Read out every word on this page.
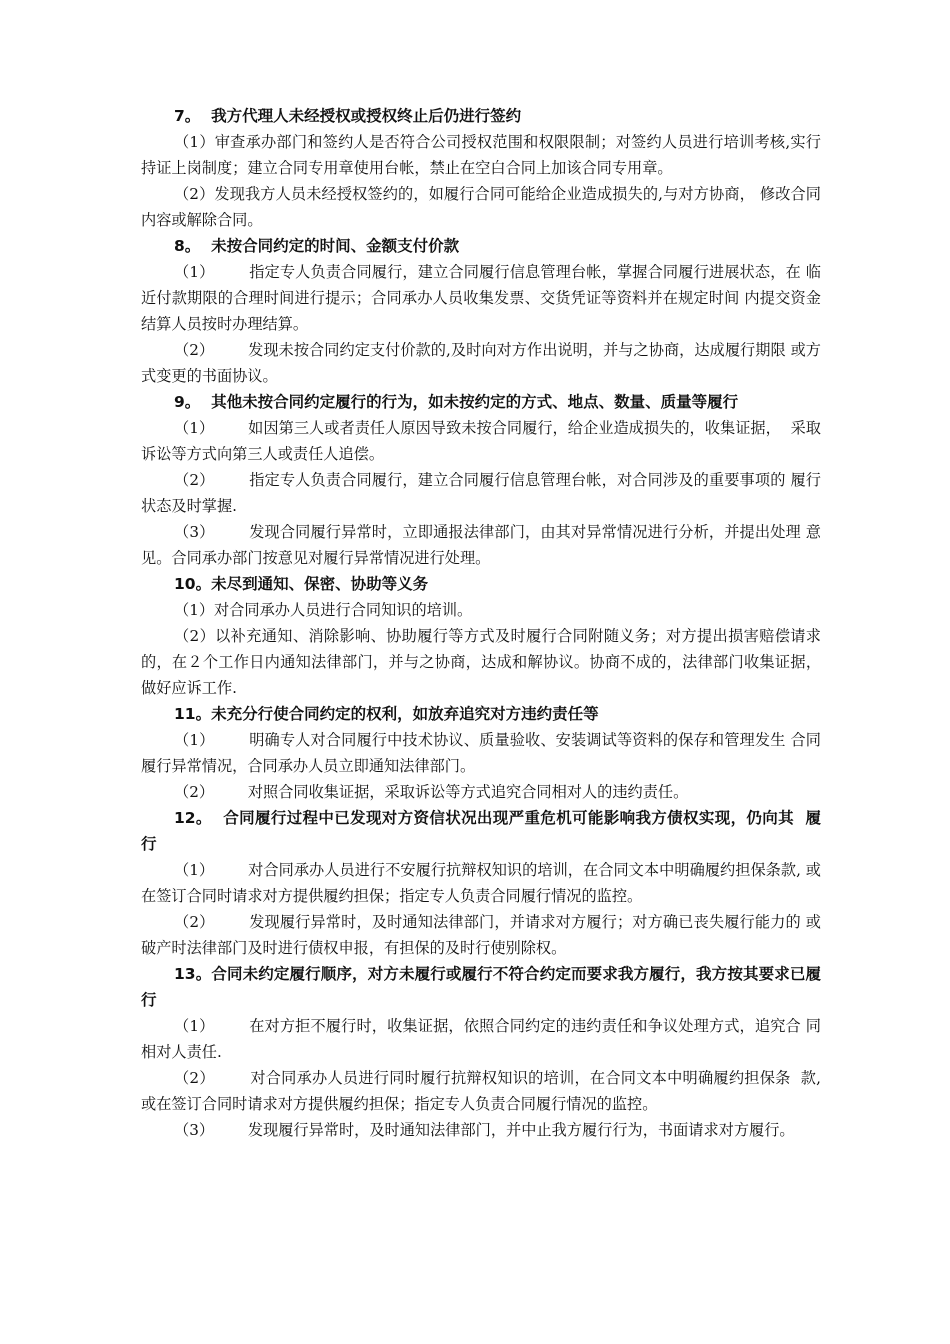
7。  我方代理人未经授权或授权终止后仍进行签约

（1）审查承办部门和签约人是否符合公司授权范围和权限限制；对签约人员进行培训考核,实行持证上岗制度；建立合同专用章使用台帐，禁止在空白合同上加该合同专用章。

（2）发现我方人员未经授权签约的，如履行合同可能给企业造成损失的,与对方协商， 修改合同内容或解除合同。

8。  未按合同约定的时间、金额支付价款

（1）       指定专人负责合同履行，建立合同履行信息管理台帐，掌握合同履行进展状态，在 临近付款期限的合理时间进行提示；合同承办人员收集发票、交货凭证等资料并在规定时间 内提交资金结算人员按时办理结算。

（2）       发现未按合同约定支付价款的,及时向对方作出说明，并与之协商，达成履行期限 或方式变更的书面协议。

9。  其他未按合同约定履行的行为，如未按约定的方式、地点、数量、质量等履行

（1）       如因第三人或者责任人原因导致未按合同履行，给企业造成损失的，收集证据，  采取诉讼等方式向第三人或责任人追偿。

（2）       指定专人负责合同履行，建立合同履行信息管理台帐，对合同涉及的重要事项的 履行状态及时掌握.

（3）       发现合同履行异常时，立即通报法律部门，由其对异常情况进行分析，并提出处理 意见。合同承办部门按意见对履行异常情况进行处理。

10。未尽到通知、保密、协助等义务

（1）对合同承办人员进行合同知识的培训。

（2）以补充通知、消除影响、协助履行等方式及时履行合同附随义务；对方提出损害赔偿请求的，在２个工作日内通知法律部门，并与之协商，达成和解协议。协商不成的，法律部门收集证据，做好应诉工作.

11。未充分行使合同约定的权利，如放弃追究对方违约责任等

（1）       明确专人对合同履行中技术协议、质量验收、安装调试等资料的保存和管理发生 合同履行异常情况，合同承办人员立即通知法律部门。

（2）       对照合同收集证据，采取诉讼等方式追究合同相对人的违约责任。

12。  合同履行过程中已发现对方资信状况出现严重危机可能影响我方债权实现，仍向其  履行

（1）       对合同承办人员进行不安履行抗辩权知识的培训，在合同文本中明确履约担保条款, 或在签订合同时请求对方提供履约担保；指定专人负责合同履行情况的监控。

（2）       发现履行异常时，及时通知法律部门，并请求对方履行；对方确已丧失履行能力的 或破产时法律部门及时进行债权申报，有担保的及时行使别除权。

13。合同未约定履行顺序，对方未履行或履行不符合约定而要求我方履行，我方按其要求已履行

（1）       在对方拒不履行时，收集证据，依照合同约定的违约责任和争议处理方式，追究合 同相对人责任.

（2）       对合同承办人员进行同时履行抗辩权知识的培训，在合同文本中明确履约担保条  款,或在签订合同时请求对方提供履约担保；指定专人负责合同履行情况的监控。

（3）       发现履行异常时，及时通知法律部门，并中止我方履行行为，书面请求对方履行。
